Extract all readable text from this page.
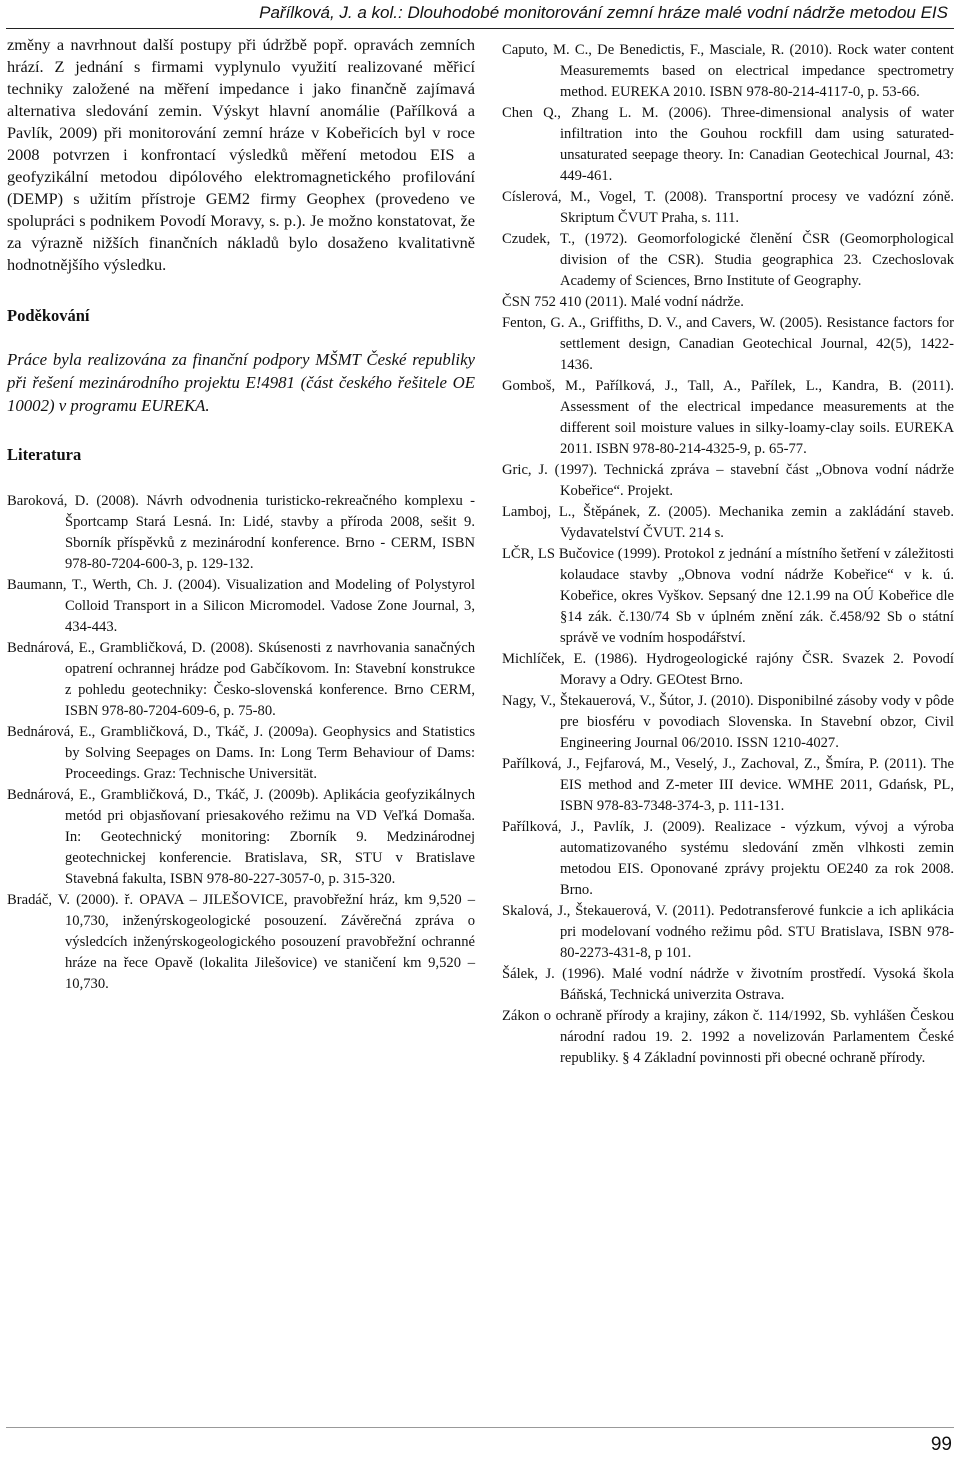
Pařílková, J. a kol.: Dlouhodobé monitorování zemní hráze malé vodní nádrže metodou EIS

změny a navrhnout další postupy při údržbě popř. opravách zemních hrází. Z jednání s firmami vyplynulo využití realizované měřicí techniky založené na měření impedance i jako finančně zajímavá alternativa sledování zemin. Výskyt hlavní anomálie (Pařílková a Pavlík, 2009) při monitorování zemní hráze v Kobeřicích byl v roce 2008 potvrzen i konfrontací výsledků měření metodou EIS a geofyzikální metodou dipólového elektromagnetického profilování (DEMP) s užitím přístroje GEM2 firmy Geophex (provedeno ve spolupráci s podnikem Povodí Moravy, s. p.). Je možno konstatovat, že za výrazně nižších finančních nákladů bylo dosaženo kvalitativně hodnotnějšího výsledku.

Poděkování

Práce byla realizována za finanční podpory MŠMT České republiky při řešení mezinárodního projektu E!4981 (část českého řešitele OE 10002) v programu EUREKA.

Literatura

Baroková, D. (2008). Návrh odvodnenia turisticko-rekreačného komplexu - Športcamp Stará Lesná. In: Lidé, stavby a příroda 2008, sešit 9. Sborník příspěvků z mezinárodní konference. Brno - CERM, ISBN 978-80-7204-600-3, p. 129-132.

Baumann, T., Werth, Ch. J. (2004). Visualization and Modeling of Polystyrol Colloid Transport in a Silicon Micromodel. Vadose Zone Journal, 3, 434-443.

Bednárová, E., Grambličková, D. (2008). Skúsenosti z navrhovania sanačných opatrení ochrannej hrádze pod Gabčíkovom. In: Stavební konstrukce z pohledu geotechniky: Česko-slovenská konference. Brno CERM, ISBN 978-80-7204-609-6, p. 75-80.

Bednárová, E., Grambličková, D., Tkáč, J. (2009a). Geophysics and Statistics by Solving Seepages on Dams. In: Long Term Behaviour of Dams: Proceedings. Graz: Technische Universität.

Bednárová, E., Grambličková, D., Tkáč, J. (2009b). Aplikácia geofyzikálnych metód pri objasňovaní priesakového režimu na VD Veľká Domaša. In: Geotechnický monitoring: Zborník 9. Medzinárodnej geotechnickej konferencie. Bratislava, SR, STU v Bratislave Stavebná fakulta, ISBN 978-80-227-3057-0, p. 315-320.

Bradáč, V. (2000). ř. OPAVA – JILEŠOVICE, pravobřežní hráz, km 9,520 – 10,730, inženýrskogeologické posouzení. Závěrečná zpráva o výsledcích inženýrskogeologického posouzení pravobřežní ochranné hráze na řece Opavě (lokalita Jilešovice) ve staničení km 9,520 – 10,730.

Caputo, M. C., De Benedictis, F., Masciale, R. (2010). Rock water content Measurememts based on electrical impedance spectrometry method. EUREKA 2010. ISBN 978-80-214-4117-0, p. 53-66.

Chen Q., Zhang L. M. (2006). Three-dimensional analysis of water infiltration into the Gouhou rockfill dam using saturated-unsaturated seepage theory. In: Canadian Geotechical Journal, 43: 449-461.

Císlerová, M., Vogel, T. (2008). Transportní procesy ve vadózní zóně. Skriptum ČVUT Praha, s. 111.

Czudek, T., (1972). Geomorfologické členění ČSR (Geomorphological division of the CSR). Studia geographica 23. Czechoslovak Academy of Sciences, Brno Institute of Geography.

ČSN 752 410 (2011). Malé vodní nádrže.

Fenton, G. A., Griffiths, D. V., and Cavers, W. (2005). Resistance factors for settlement design, Canadian Geotechical Journal, 42(5), 1422-1436.

Gomboš, M., Pařílková, J., Tall, A., Pařílek, L., Kandra, B. (2011). Assessment of the electrical impedance measurements at the different soil moisture values in silky-loamy-clay soils. EUREKA 2011. ISBN 978-80-214-4325-9, p. 65-77.

Gric, J. (1997). Technická zpráva – stavební část „Obnova vodní nádrže Kobeřice“. Projekt.

Lamboj, L., Štěpánek, Z. (2005). Mechanika zemin a zakládání staveb. Vydavatelství ČVUT. 214 s.

LČR, LS Bučovice (1999). Protokol z jednání a místního šetření v záležitosti kolaudace stavby „Obnova vodní nádrže Kobeřice“ v k. ú. Kobeřice, okres Vyškov. Sepsaný dne 12.1.99 na OÚ Kobeřice dle §14 zák. č.130/74 Sb v úplném znění zák. č.458/92 Sb o státní správě ve vodním hospodářství.

Michlíček, E. (1986). Hydrogeologické rajóny ČSR. Svazek 2. Povodí Moravy a Odry. GEOtest Brno.

Nagy, V., Štekauerová, V., Šútor, J. (2010). Disponibilné zásoby vody v pôde pre biosféru v povodiach Slovenska. In Stavební obzor, Civil Engineering Journal 06/2010. ISSN 1210-4027.

Pařílková, J., Fejfarová, M., Veselý, J., Zachoval, Z., Šmíra, P. (2011). The EIS method and Z-meter III device. WMHE 2011, Gdańsk, PL, ISBN 978-83-7348-374-3, p. 111-131.

Pařílková, J., Pavlík, J. (2009). Realizace - výzkum, vývoj a výroba automatizovaného systému sledování změn vlhkosti zemin metodou EIS. Oponované zprávy projektu OE240 za rok 2008. Brno.

Skalová, J., Štekauerová, V. (2011). Pedotransferové funkcie a ich aplikácia pri modelovaní vodného režimu pôd. STU Bratislava, ISBN 978-80-2273-431-8, p 101.

Šálek, J. (1996). Malé vodní nádrže v životním prostředí. Vysoká škola Báňská, Technická univerzita Ostrava.

Zákon o ochraně přírody a krajiny, zákon č. 114/1992, Sb. vyhlášen Českou národní radou 19. 2. 1992 a novelizován Parlamentem České republiky. § 4 Základní povinnosti při obecné ochraně přírody.

99
